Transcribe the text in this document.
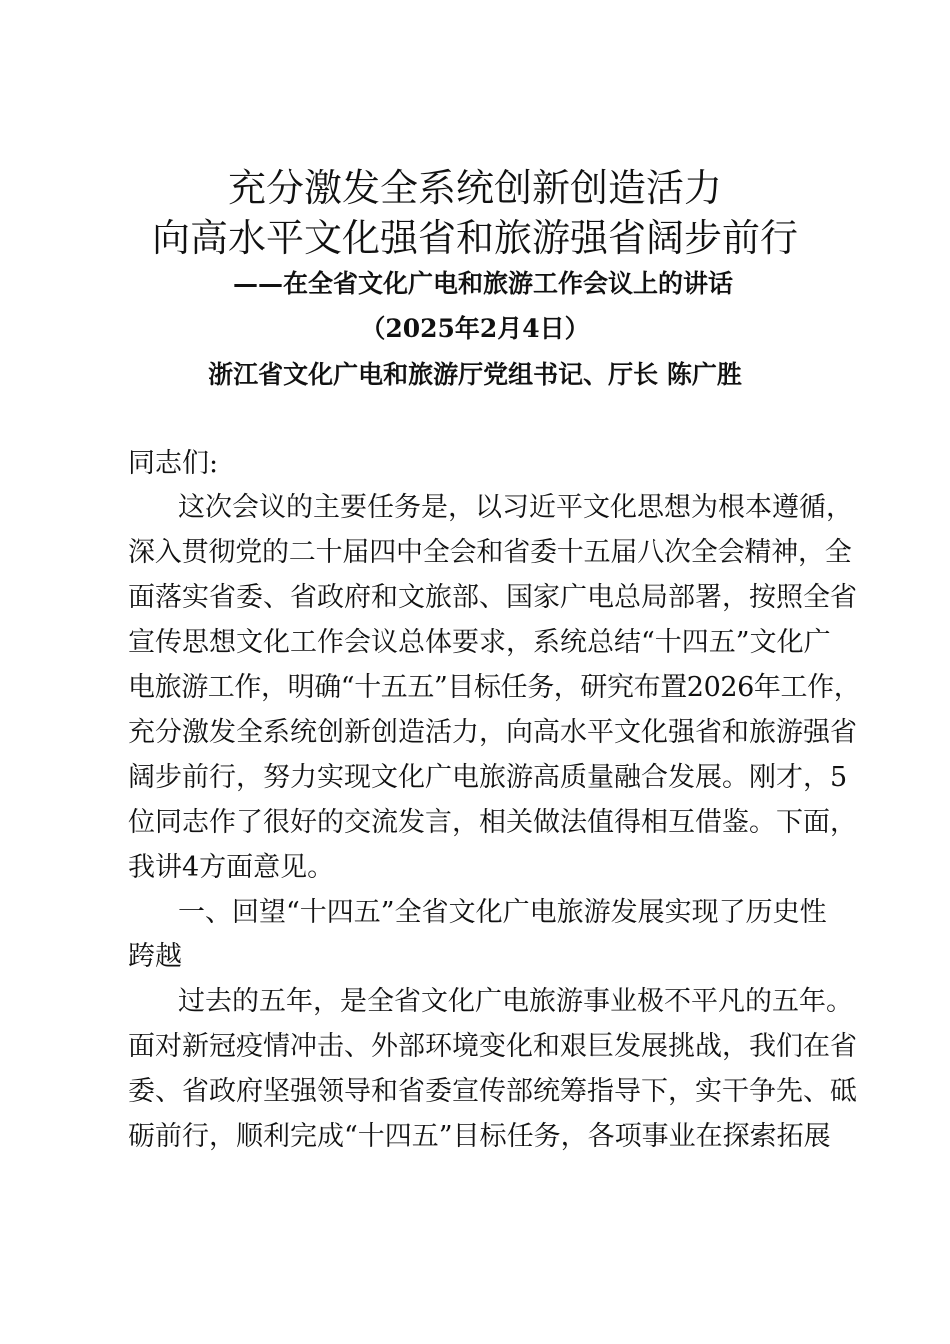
充分激发全系统创新创造活力
向高水平文化强省和旅游强省阔步前行

——在全省文化广电和旅游工作会议上的讲话

（2025年2月4日）

浙江省文化广电和旅游厅党组书记、厅长 陈广胜

同志们:

这次会议的主要任务是，以习近平文化思想为根本遵循，

深入贯彻党的二十届四中全会和省委十五届八次全会精神，全

面落实省委、省政府和文旅部、国家广电总局部署，按照全省

宣传思想文化工作会议总体要求，系统总结“十四五”文化广

电旅游工作，明确“十五五”目标任务，研究布置2026年工作，

充分激发全系统创新创造活力，向高水平文化强省和旅游强省

阔步前行，努力实现文化广电旅游高质量融合发展。刚才，5

位同志作了很好的交流发言，相关做法值得相互借鉴。下面，

我讲4方面意见。

一、回望“十四五”全省文化广电旅游发展实现了历史性

跨越

过去的五年，是全省文化广电旅游事业极不平凡的五年。

面对新冠疫情冲击、外部环境变化和艰巨发展挑战，我们在省

委、省政府坚强领导和省委宣传部统筹指导下，实干争先、砥

砺前行，顺利完成“十四五”目标任务，各项事业在探索拓展
